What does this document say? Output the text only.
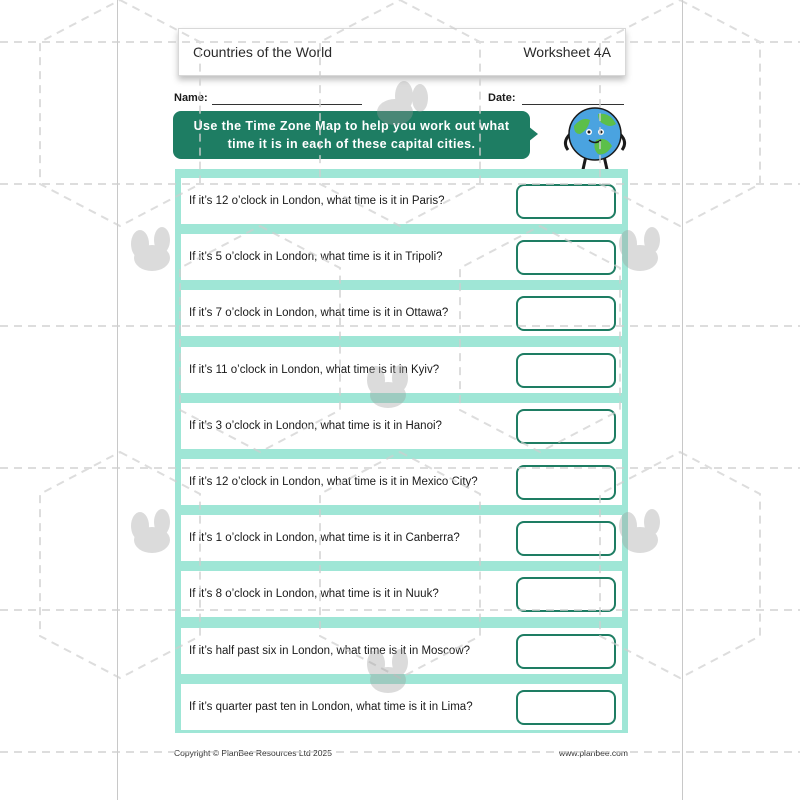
Countries of the World	Worksheet 4A
Name:	Date:
Use the Time Zone Map to help you work out what time it is in each of these capital cities.
If it’s 12 o’clock in London, what time is it in Paris?
If it’s 5 o’clock in London, what time is it in Tripoli?
If it’s 7 o’clock in London, what time is it in Ottawa?
If it’s 11 o’clock in London, what time is it in Kyiv?
If it’s 3 o’clock in London, what time is it in Hanoi?
If it’s 12 o’clock in London, what time is it in Mexico City?
If it’s 1 o’clock in London, what time is it in Canberra?
If it’s 8 o’clock in London, what time is it in Nuuk?
If it’s half past six in London, what time is it in Moscow?
If it’s quarter past ten in London, what time is it in Lima?
Copyright © PlanBee Resources Ltd 2025	www.planbee.com
